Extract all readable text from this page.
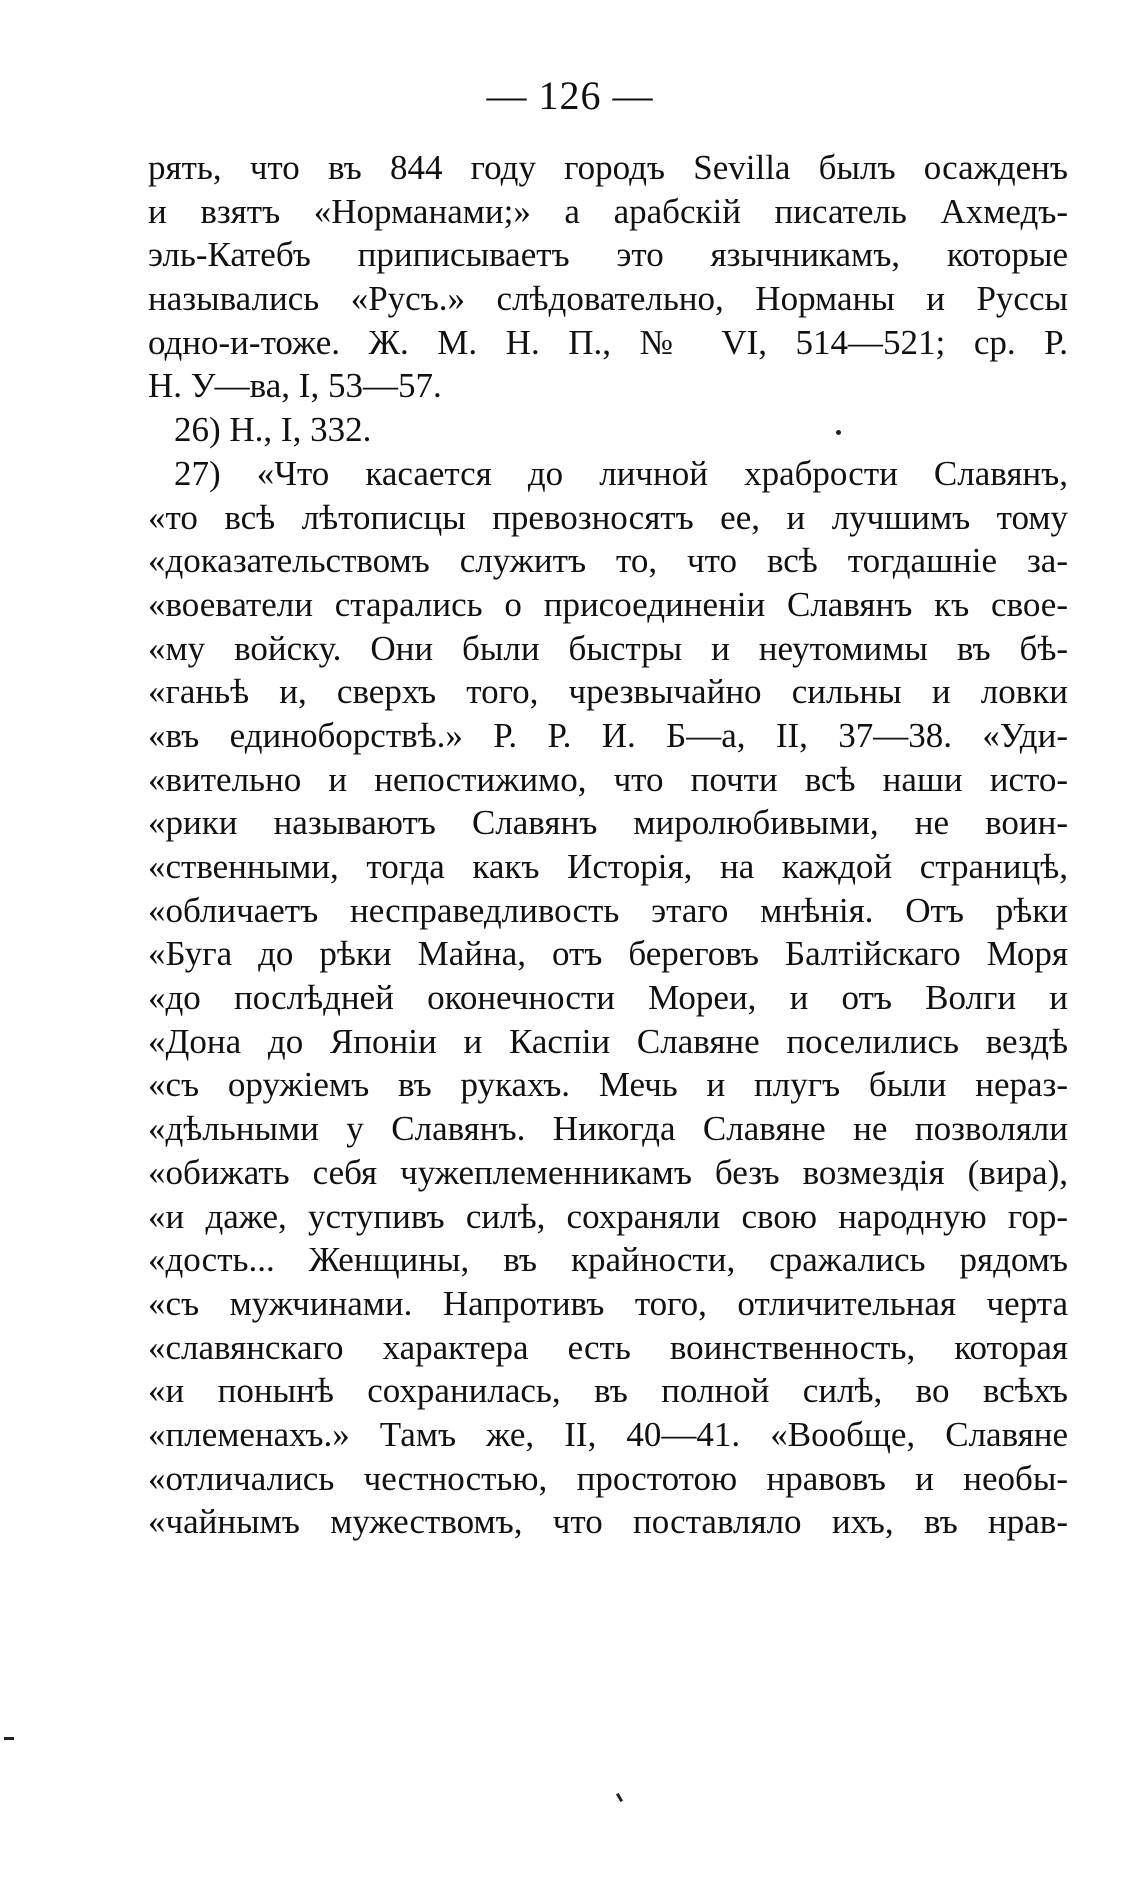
— 126 —
рять, что въ 844 году городъ Sevilla былъ осажденъ
и взятъ «Норманами;» а арабскій писатель Ахмедъ-
эль-Катебъ приписываетъ это язычникамъ, которые
назывались «Русъ.» слѣдовательно, Норманы и Руссы
одно-и-тоже. Ж. М. Н. П., № VI, 514—521; ср. Р.
Н. У—ва, I, 53—57.
26) Н., I, 332.
27) «Что касается до личной храбрости Славянъ,
«то всѣ лѣтописцы превозносятъ ее, и лучшимъ тому
«доказательствомъ служитъ то, что всѣ тогдашніе за-
«воеватели старались о присоединеніи Славянъ къ свое-
«му войску. Они были быстры и неутомимы въ бѣ-
«ганьѣ и, сверхъ того, чрезвычайно сильны и ловки
«въ единоборствѣ.» Р. Р. И. Б—а, II, 37—38. «Уди-
«вительно и непостижимо, что почти всѣ наши исто-
«рики называютъ Славянъ миролюбивыми, не воин-
«ственными, тогда какъ Исторія, на каждой страницѣ,
«обличаетъ несправедливость этаго мнѣнія. Отъ рѣки
«Буга до рѣки Майна, отъ береговъ Балтійскаго Моря
«до послѣдней оконечности Мореи, и отъ Волги и
«Дона до Японіи и Каспіи Славяне поселились вездѣ
«съ оружіемъ въ рукахъ. Мечь и плугъ были нераз-
«дѣльными у Славянъ. Никогда Славяне не позволяли
«обижать себя чужеплеменникамъ безъ возмездія (вира),
«и даже, уступивъ силѣ, сохраняли свою народную гор-
«дость... Женщины, въ крайности, сражались рядомъ
«съ мужчинами. Напротивъ того, отличительная черта
«славянскаго характера есть воинственность, которая
«и понынѣ сохранилась, въ полной силѣ, во всѣхъ
«племенахъ.» Тамъ же, II, 40—41. «Вообще, Славяне
«отличались честностью, простотою нравовъ и необы-
«чайнымъ мужествомъ, что поставляло ихъ, въ нрав-
